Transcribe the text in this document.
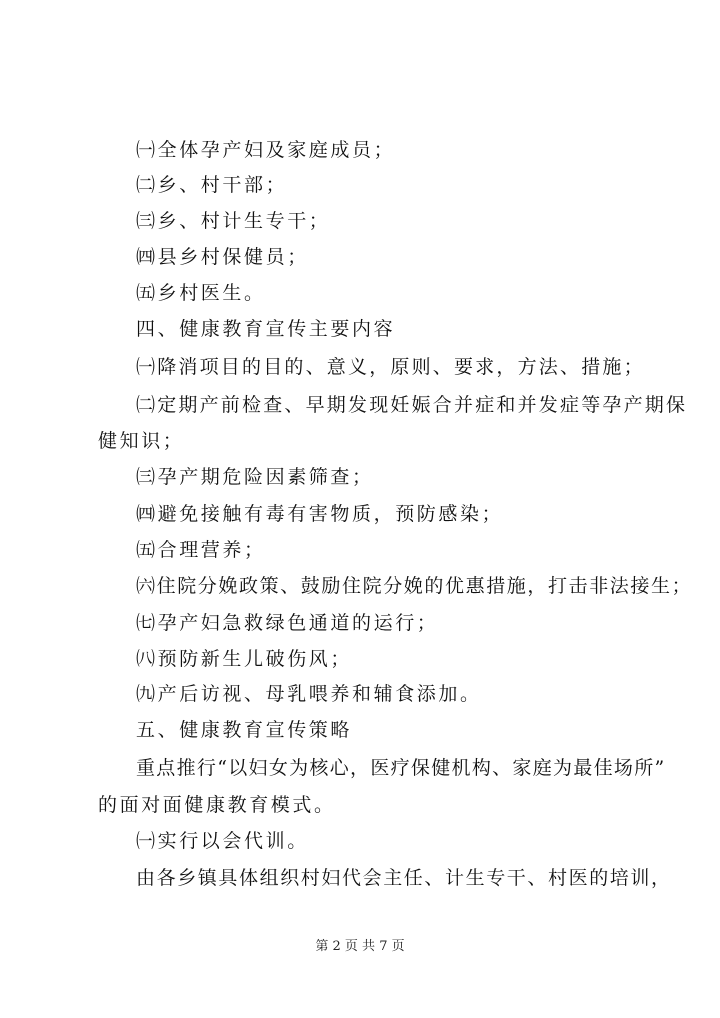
㈠全体孕产妇及家庭成员；
㈡乡、村干部；
㈢乡、村计生专干；
㈣县乡村保健员；
㈤乡村医生。
四、健康教育宣传主要内容
㈠降消项目的目的、意义，原则、要求，方法、措施；
㈡定期产前检查、早期发现妊娠合并症和并发症等孕产期保
健知识；
㈢孕产期危险因素筛查；
㈣避免接触有毒有害物质，预防感染；
㈤合理营养；
㈥住院分娩政策、鼓励住院分娩的优惠措施，打击非法接生；
㈦孕产妇急救绿色通道的运行；
㈧预防新生儿破伤风；
㈨产后访视、母乳喂养和辅食添加。
五、健康教育宣传策略
重点推行“以妇女为核心，医疗保健机构、家庭为最佳场所”
的面对面健康教育模式。
㈠实行以会代训。
由各乡镇具体组织村妇代会主任、计生专干、村医的培训，
第 2 页 共 7 页
